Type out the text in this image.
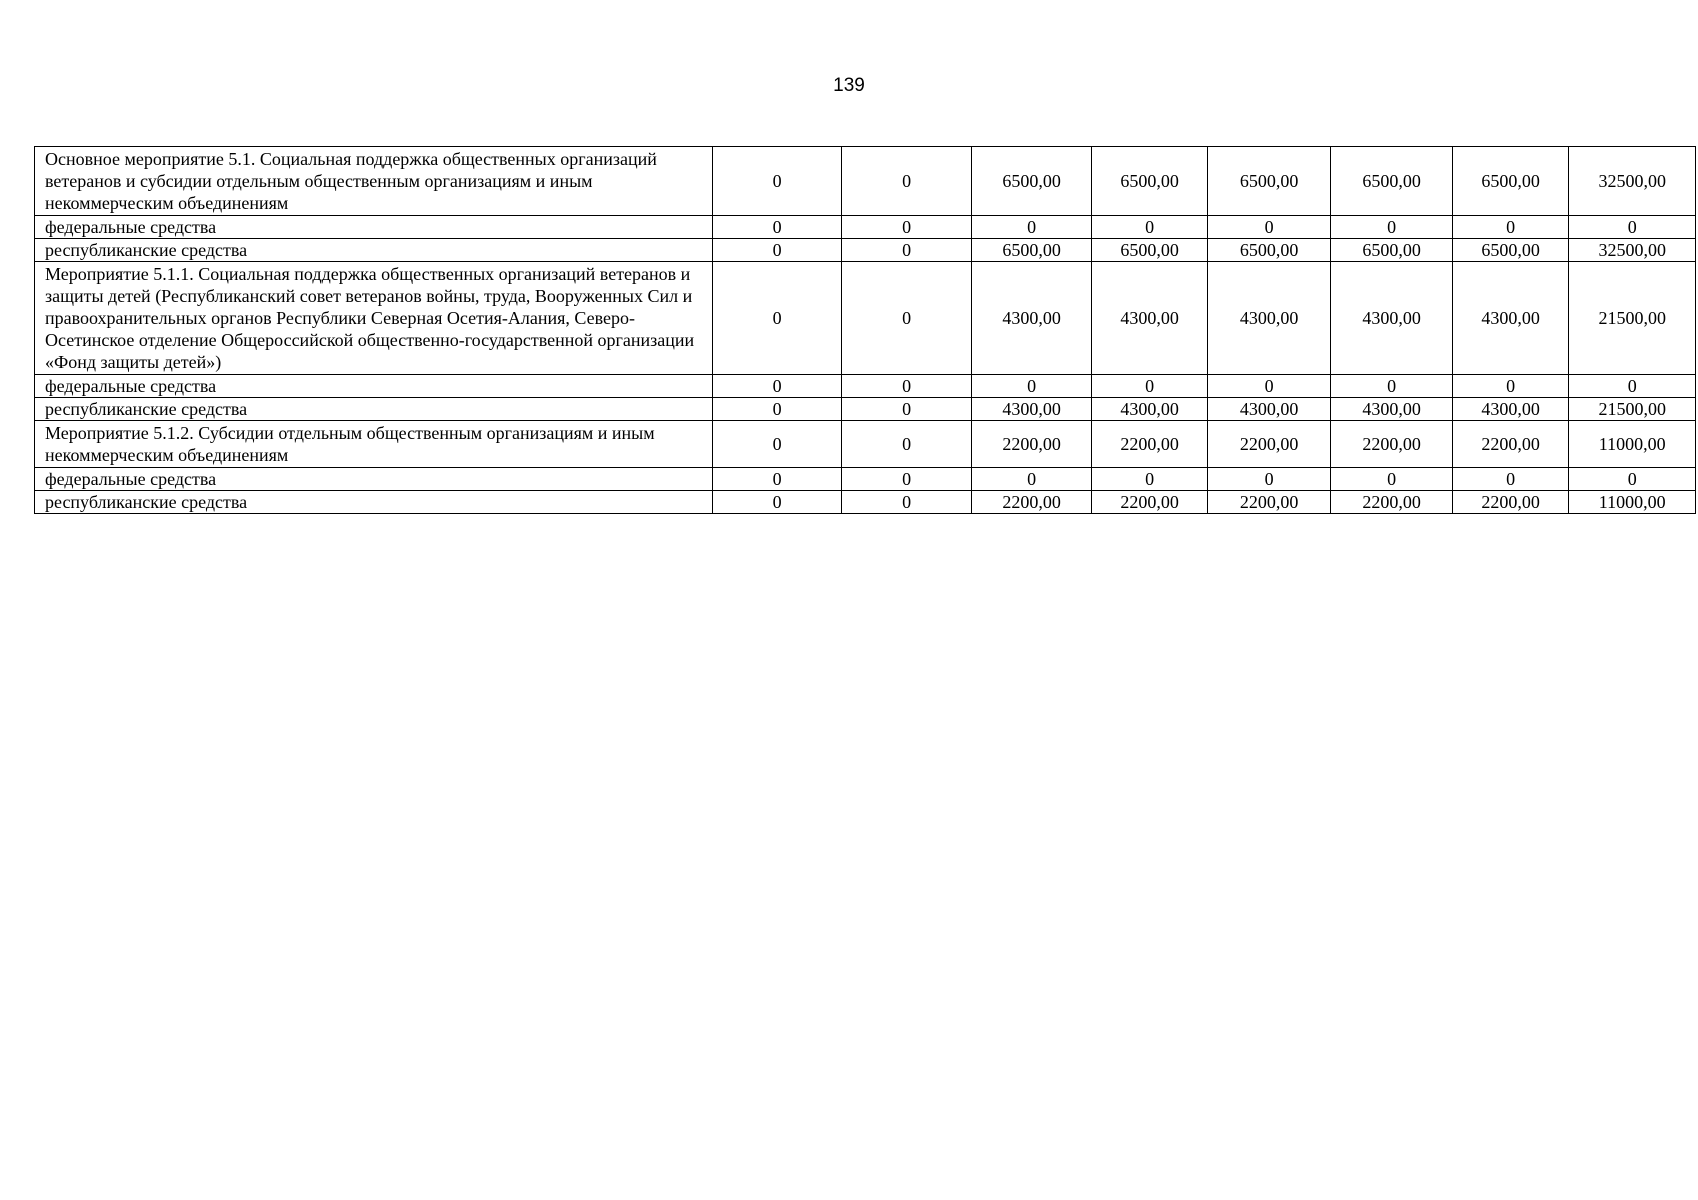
139
Основное мероприятие 5.1. Социальная поддержка общественных организаций ветеранов и субсидии отдельным общественным организациям и иным некоммерческим объединениям	0	0	6500,00	6500,00	6500,00	6500,00	6500,00	32500,00
федеральные средства	0	0	0	0	0	0	0	0
республиканские средства	0	0	6500,00	6500,00	6500,00	6500,00	6500,00	32500,00
Мероприятие 5.1.1. Социальная поддержка общественных организаций ветеранов и защиты детей (Республиканский совет ветеранов войны, труда, Вооруженных Сил и правоохранительных органов Республики Северная Осетия-Алания, Северо-Осетинское отделение Общероссийской общественно-государственной организации «Фонд защиты детей»)	0	0	4300,00	4300,00	4300,00	4300,00	4300,00	21500,00
федеральные средства	0	0	0	0	0	0	0	0
республиканские средства	0	0	4300,00	4300,00	4300,00	4300,00	4300,00	21500,00
Мероприятие 5.1.2. Субсидии отдельным общественным организациям и иным некоммерческим объединениям	0	0	2200,00	2200,00	2200,00	2200,00	2200,00	11000,00
федеральные средства	0	0	0	0	0	0	0	0
республиканские средства	0	0	2200,00	2200,00	2200,00	2200,00	2200,00	11000,00
